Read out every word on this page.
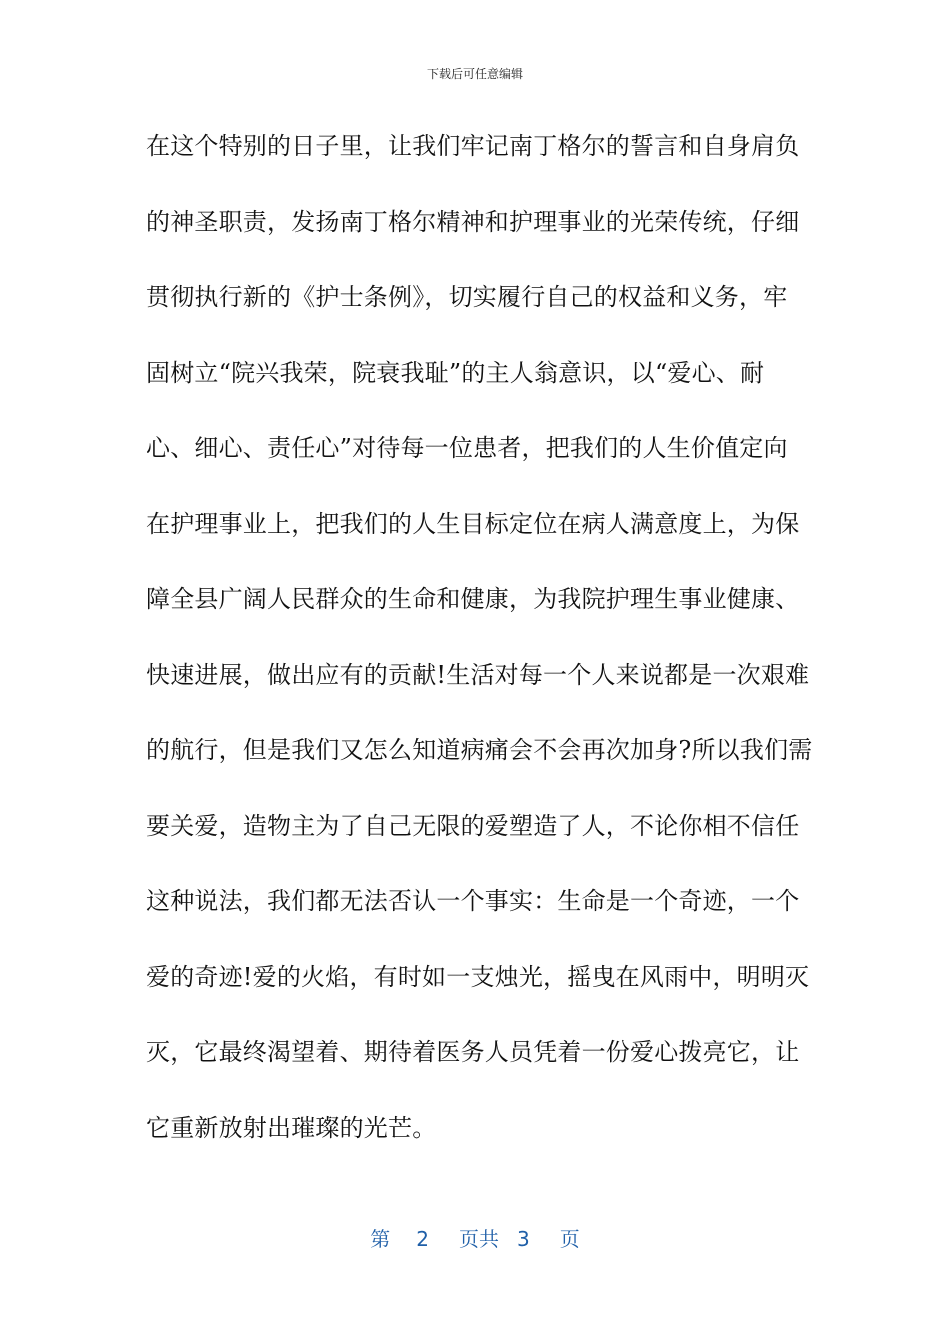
下载后可任意编辑
在这个特别的日子里，让我们牢记南丁格尔的誓言和自身肩负
的神圣职责，发扬南丁格尔精神和护理事业的光荣传统，仔细
贯彻执行新的《护士条例》，切实履行自己的权益和义务，牢
固树立“院兴我荣，院衰我耻”的主人翁意识，以“爱心、耐
心、细心、责任心”对待每一位患者，把我们的人生价值定向
在护理事业上，把我们的人生目标定位在病人满意度上，为保
障全县广阔人民群众的生命和健康，为我院护理生事业健康、
快速进展，做出应有的贡献!生活对每一个人来说都是一次艰难
的航行，但是我们又怎么知道病痛会不会再次加身?所以我们需
要关爱，造物主为了自己无限的爱塑造了人，不论你相不信任
这种说法，我们都无法否认一个事实：生命是一个奇迹，一个
爱的奇迹!爱的火焰，有时如一支烛光，摇曳在风雨中，明明灭
灭，它最终渴望着、期待着医务人员凭着一份爱心拨亮它，让
它重新放射出璀璨的光芒。
第 2 页共 3 页
